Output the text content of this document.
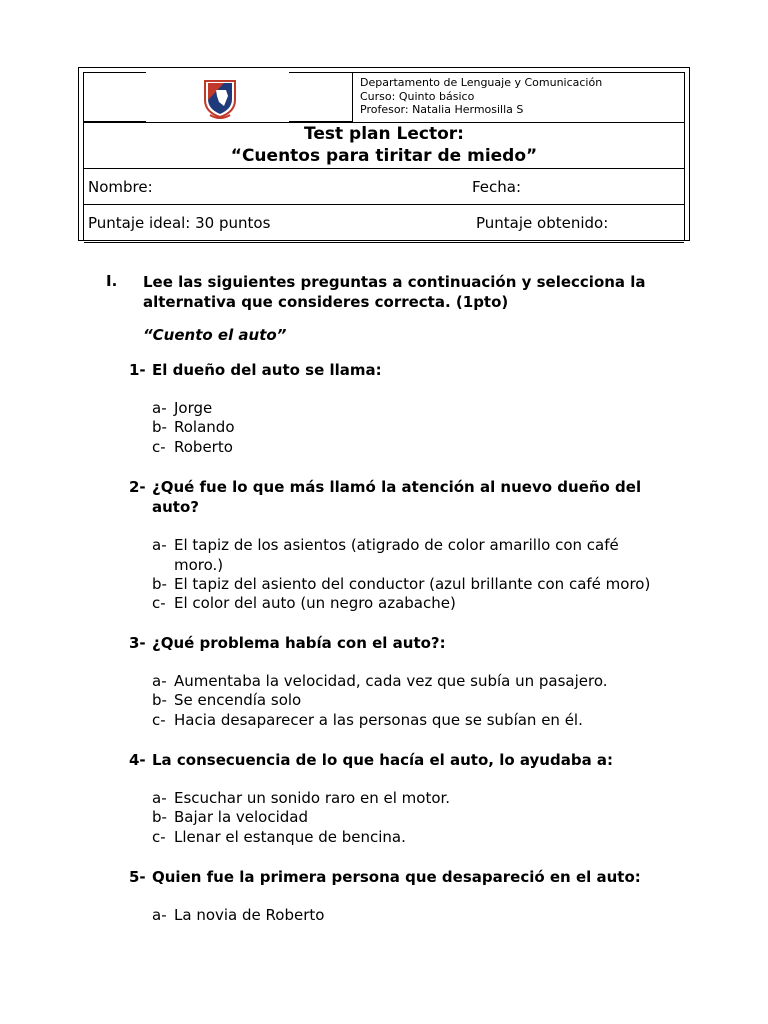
Departamento de Lenguaje y Comunicación
Curso: Quinto básico
Profesor: Natalia Hermosilla S
Test plan Lector:
“Cuentos para tiritar de miedo”
Nombre:	Fecha:
Puntaje ideal: 30 puntos	Puntaje obtenido:
I. Lee las siguientes preguntas a continuación y selecciona la alternativa que consideres correcta. (1pto)
“Cuento el auto”
1- El dueño del auto se llama:
a- Jorge
b- Rolando
c- Roberto
2- ¿Qué fue lo que más llamó la atención al nuevo dueño del auto?
a- El tapiz de los asientos (atigrado de color amarillo con café moro.)
b- El tapiz del asiento del conductor (azul brillante con café moro)
c- El color del auto (un negro azabache)
3- ¿Qué problema había con el auto?:
a- Aumentaba la velocidad, cada vez que subía un pasajero.
b- Se encendía solo
c- Hacia desaparecer a las personas que se subían en él.
4- La consecuencia de lo que hacía el auto, lo ayudaba a:
a- Escuchar un sonido raro en el motor.
b- Bajar la velocidad
c- Llenar el estanque de bencina.
5- Quien fue la primera persona que desapareció en el auto:
a- La novia de Roberto
